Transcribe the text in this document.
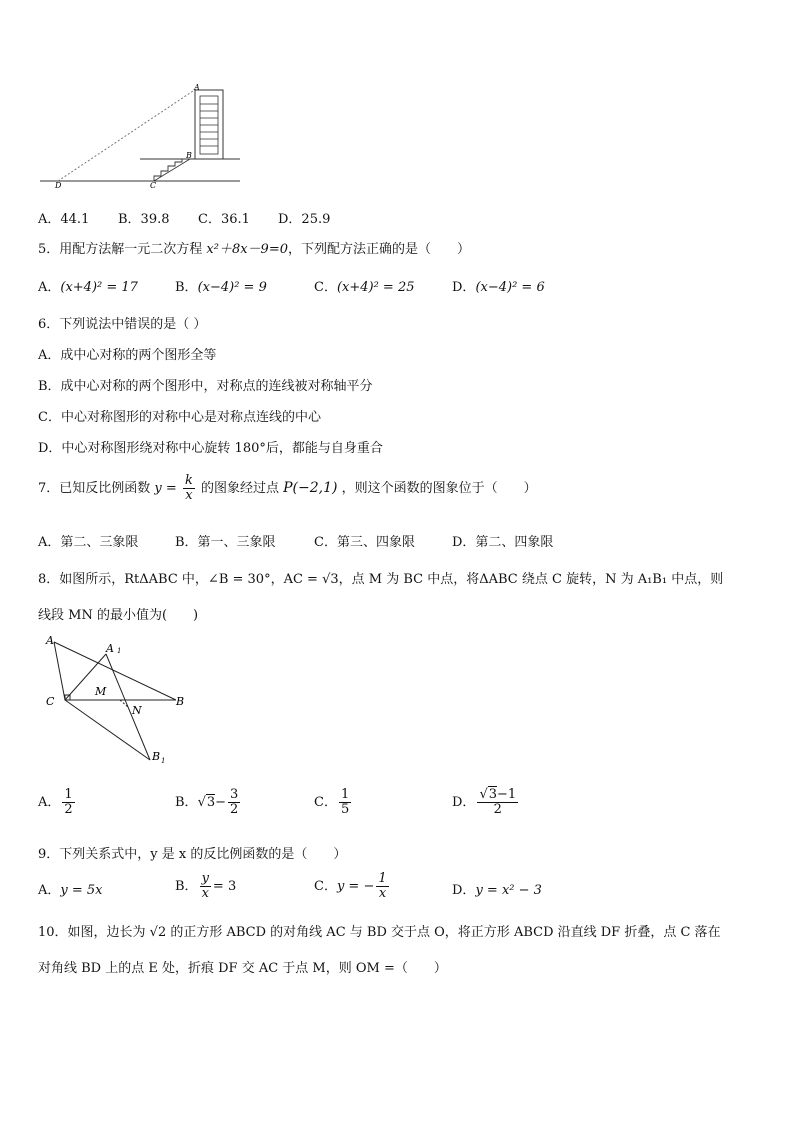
A
B
C
D
A．44.1 B．39.8 C．36.1 D．25.9
5．用配方法解一元二次方程 x²＋8x－9=0，下列配方法正确的是（　　）
A．(x+4)² = 17	B．(x−4)² = 9	C．(x+4)² = 25	D．(x−4)² = 6
6．下列说法中错误的是（ ）
A．成中心对称的两个图形全等
B．成中心对称的两个图形中，对称点的连线被对称轴平分
C．中心对称图形的对称中心是对称点连线的中心
D．中心对称图形绕对称中心旋转 180°后，都能与自身重合
7．已知反比例函数 $y = \frac{k}{x}$ 的图象经过点 P(−2,1) ，则这个函数的图象位于（　　）
A．第二、三象限	B．第一、三象限	C．第三、四象限	D．第二、四象限
8．如图所示，RtΔABC 中，∠B = 30°，AC = √3，点 M 为 BC 中点，将ΔABC 绕点 C 旋转，N 为 A₁B₁ 中点，则
线段 MN 的最小值为(　　)
A
A 1
C
M
N
B
B 1
A． $\frac{1}{2}$	B．$√3- \frac{3}{2}$	C． $\frac{1}{5}$	D． $\frac{√3-1}{2}$
9．下列关系式中，y 是 x 的反比例函数的是（　　）
A．y = 5x	B． $\frac{y}{x} = 3$	C．y = − $\frac{1}{x}$	D．y = x² − 3
10．如图，边长为 √2 的正方形 ABCD 的对角线 AC 与 BD 交于点 O，将正方形 ABCD 沿直线 DF 折叠，点 C 落在
对角线 BD 上的点 E 处，折痕 DF 交 AC 于点 M，则 OM =（　　）
